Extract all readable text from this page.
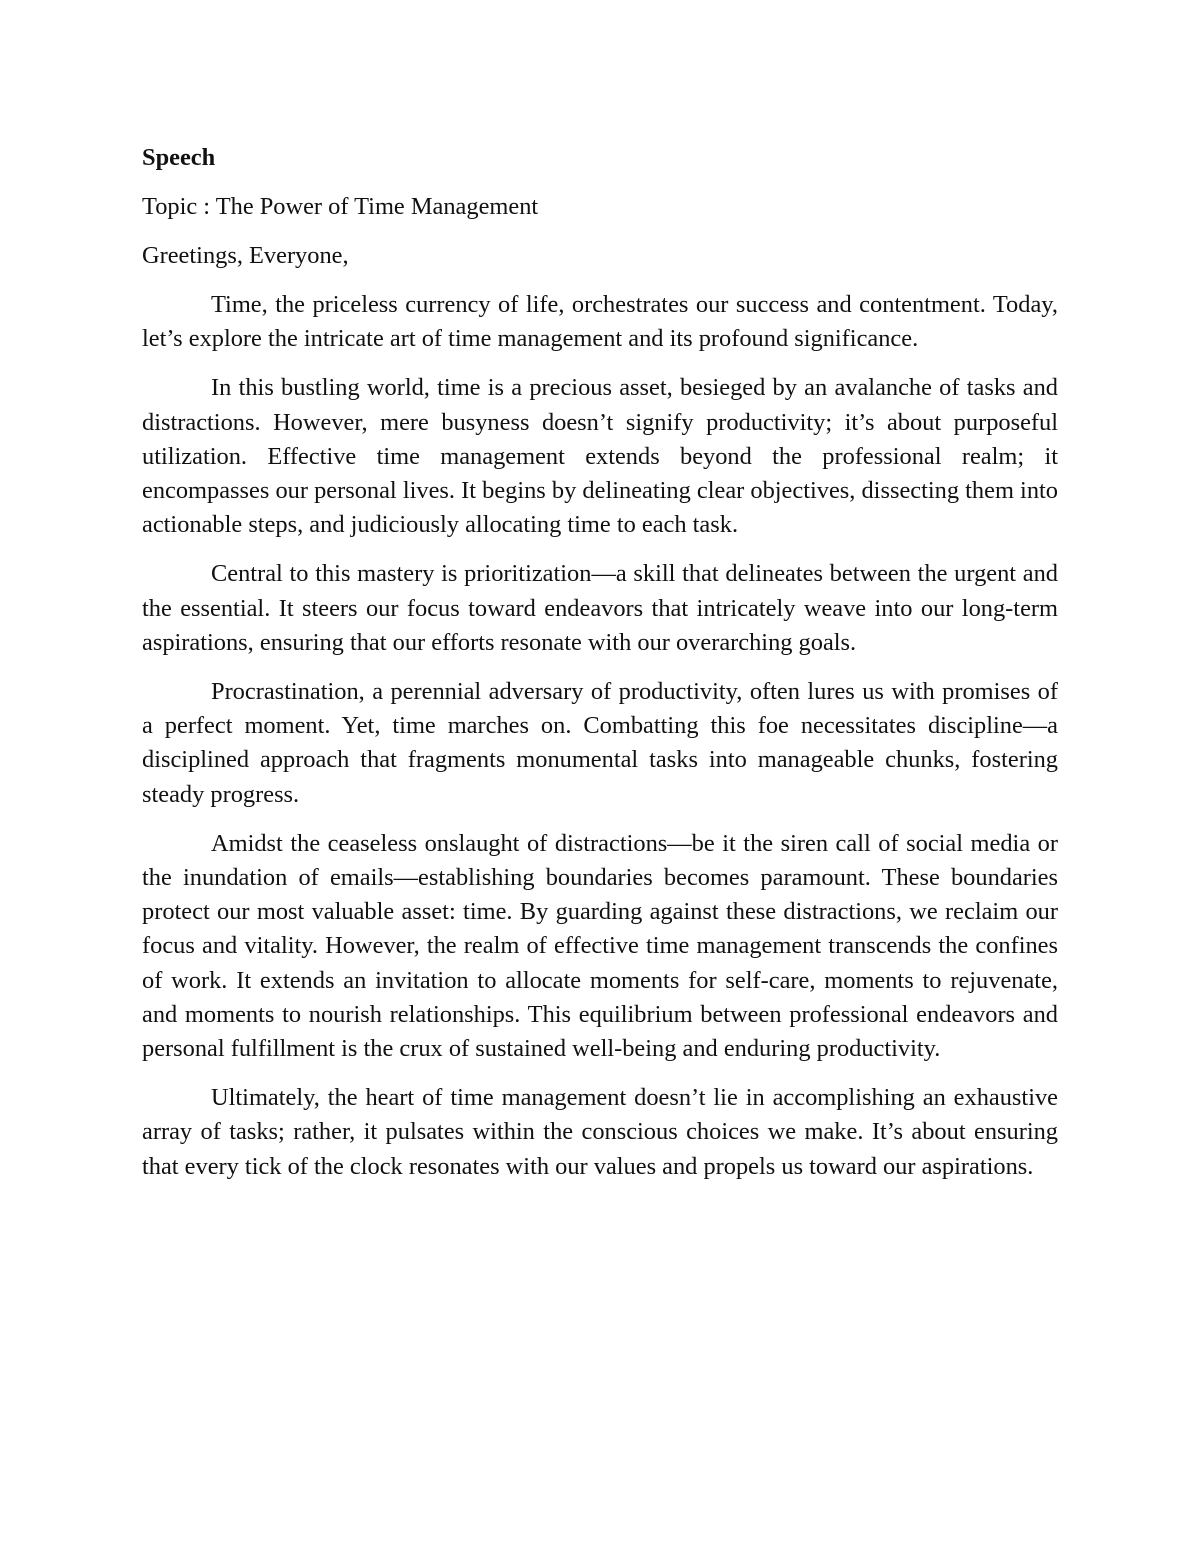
Speech
Topic : The Power of Time Management
Greetings, Everyone,

Time, the priceless currency of life, orchestrates our success and contentment. Today, let’s explore the intricate art of time management and its profound significance.

In this bustling world, time is a precious asset, besieged by an avalanche of tasks and distractions. However, mere busyness doesn’t signify productivity; it’s about purposeful utilization. Effective time management extends beyond the professional realm; it encompasses our personal lives. It begins by delineating clear objectives, dissecting them into actionable steps, and judiciously allocating time to each task.

Central to this mastery is prioritization—a skill that delineates between the urgent and the essential. It steers our focus toward endeavors that intricately weave into our long-term aspirations, ensuring that our efforts resonate with our overarching goals.

Procrastination, a perennial adversary of productivity, often lures us with promises of a perfect moment. Yet, time marches on. Combatting this foe necessitates discipline—a disciplined approach that fragments monumental tasks into manageable chunks, fostering steady progress.

Amidst the ceaseless onslaught of distractions—be it the siren call of social media or the inundation of emails—establishing boundaries becomes paramount. These boundaries protect our most valuable asset: time. By guarding against these distractions, we reclaim our focus and vitality. However, the realm of effective time management transcends the confines of work. It extends an invitation to allocate moments for self-care, moments to rejuvenate, and moments to nourish relationships. This equilibrium between professional endeavors and personal fulfillment is the crux of sustained well-being and enduring productivity.

Ultimately, the heart of time management doesn’t lie in accomplishing an exhaustive array of tasks; rather, it pulsates within the conscious choices we make. It’s about ensuring that every tick of the clock resonates with our values and propels us toward our aspirations.
